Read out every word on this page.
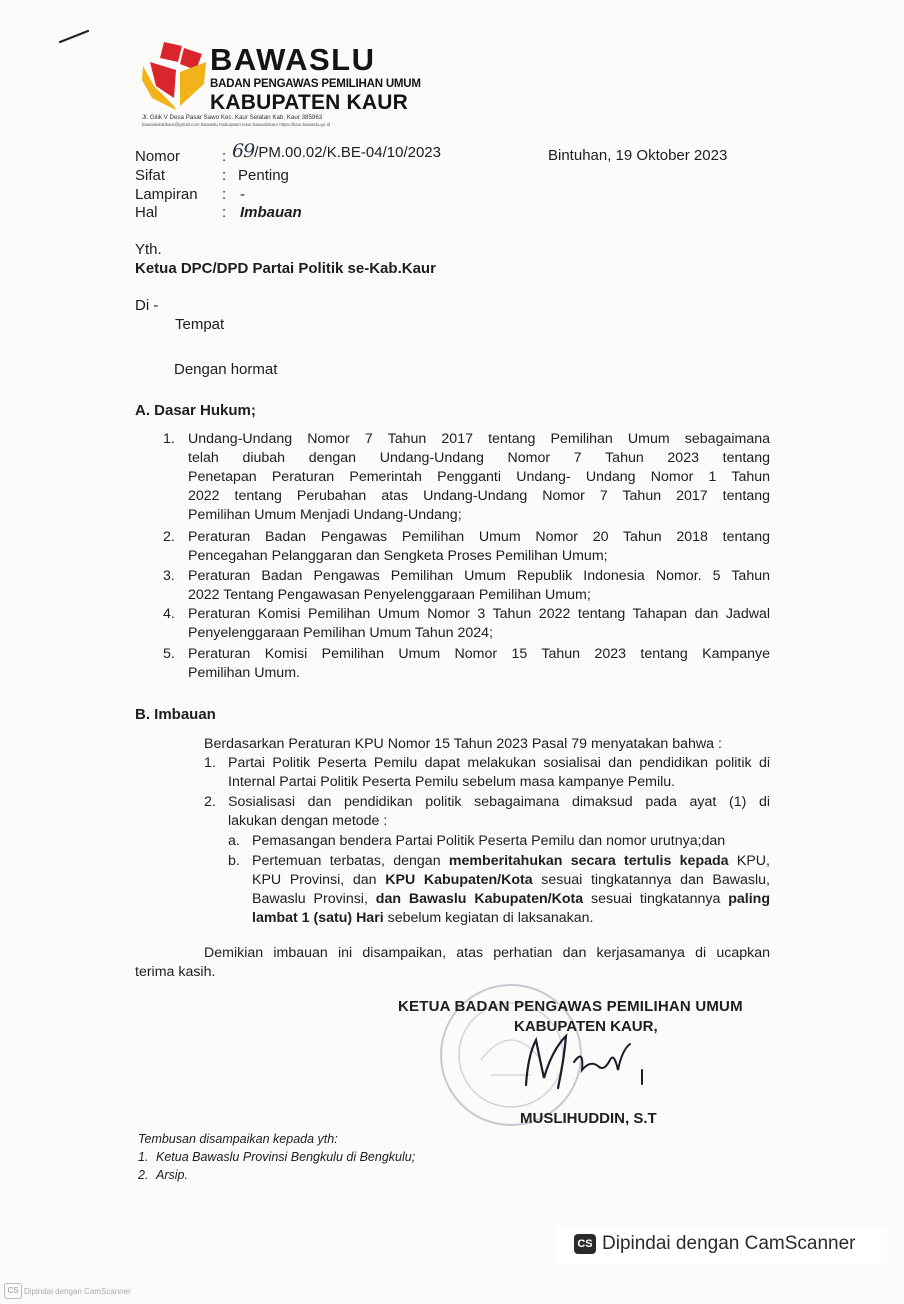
BAWASLU
BADAN PENGAWAS PEMILIHAN UMUM
KABUPATEN KAUR
Jl. Gilik V Desa Pasar Sawo Kec. Kaur Selatan Kab. Kaur 385963
bawaslukabkaur@gmail.com Bawaslu Kabupaten Kaur bawaslukaur https://kaur.bawaslu.go.id
Nomor	: 69/PM.00.02/K.BE-04/10/2023
Sifat	: Penting
Lampiran : -
Hal	: Imbauan
Bintuhan, 19 Oktober 2023
Yth.
Ketua DPC/DPD Partai Politik se-Kab.Kaur
Di -
Tempat
Dengan hormat
A. Dasar Hukum;
1. Undang-Undang Nomor 7 Tahun 2017 tentang Pemilihan Umum sebagaimana
telah diubah dengan Undang-Undang Nomor 7 Tahun 2023 tentang
Penetapan Peraturan Pemerintah Pengganti Undang- Undang Nomor 1 Tahun
2022 tentang Perubahan atas Undang-Undang Nomor 7 Tahun 2017 tentang
Pemilihan Umum Menjadi Undang-Undang;
2. Peraturan Badan Pengawas Pemilihan Umum Nomor 20 Tahun 2018 tentang
Pencegahan Pelanggaran dan Sengketa Proses Pemilihan Umum;
3. Peraturan Badan Pengawas Pemilihan Umum Republik Indonesia Nomor. 5 Tahun
2022 Tentang Pengawasan Penyelenggaraan Pemilihan Umum;
4. Peraturan Komisi Pemilihan Umum Nomor 3 Tahun 2022 tentang Tahapan dan Jadwal
Penyelenggaraan Pemilihan Umum Tahun 2024;
5. Peraturan Komisi Pemilihan Umum Nomor 15 Tahun 2023 tentang Kampanye
Pemilihan Umum.
B. Imbauan
Berdasarkan Peraturan KPU Nomor 15 Tahun 2023 Pasal 79 menyatakan bahwa :
1. Partai Politik Peserta Pemilu dapat melakukan sosialisai dan pendidikan politik di
Internal Partai Politik Peserta Pemilu sebelum masa kampanye Pemilu.
2. Sosialisasi dan pendidikan politik sebagaimana dimaksud pada ayat (1) di
lakukan dengan metode :
a. Pemasangan bendera Partai Politik Peserta Pemilu dan nomor urutnya;dan
b. Pertemuan terbatas, dengan memberitahukan secara tertulis kepada KPU,
KPU Provinsi, dan KPU Kabupaten/Kota sesuai tingkatannya dan Bawaslu,
Bawaslu Provinsi, dan Bawaslu Kabupaten/Kota sesuai tingkatannya paling
lambat 1 (satu) Hari sebelum kegiatan di laksanakan.
Demikian imbauan ini disampaikan, atas perhatian dan kerjasamanya di ucapkan
terima kasih.
KETUA BADAN PENGAWAS PEMILIHAN UMUM
KABUPATEN KAUR,
MUSLIHUDDIN, S.T
Tembusan disampaikan kepada yth:
1. Ketua Bawaslu Provinsi Bengkulu di Bengkulu;
2. Arsip.
CS Dipindai dengan CamScanner
CS Dipindai dengan CamScanner
